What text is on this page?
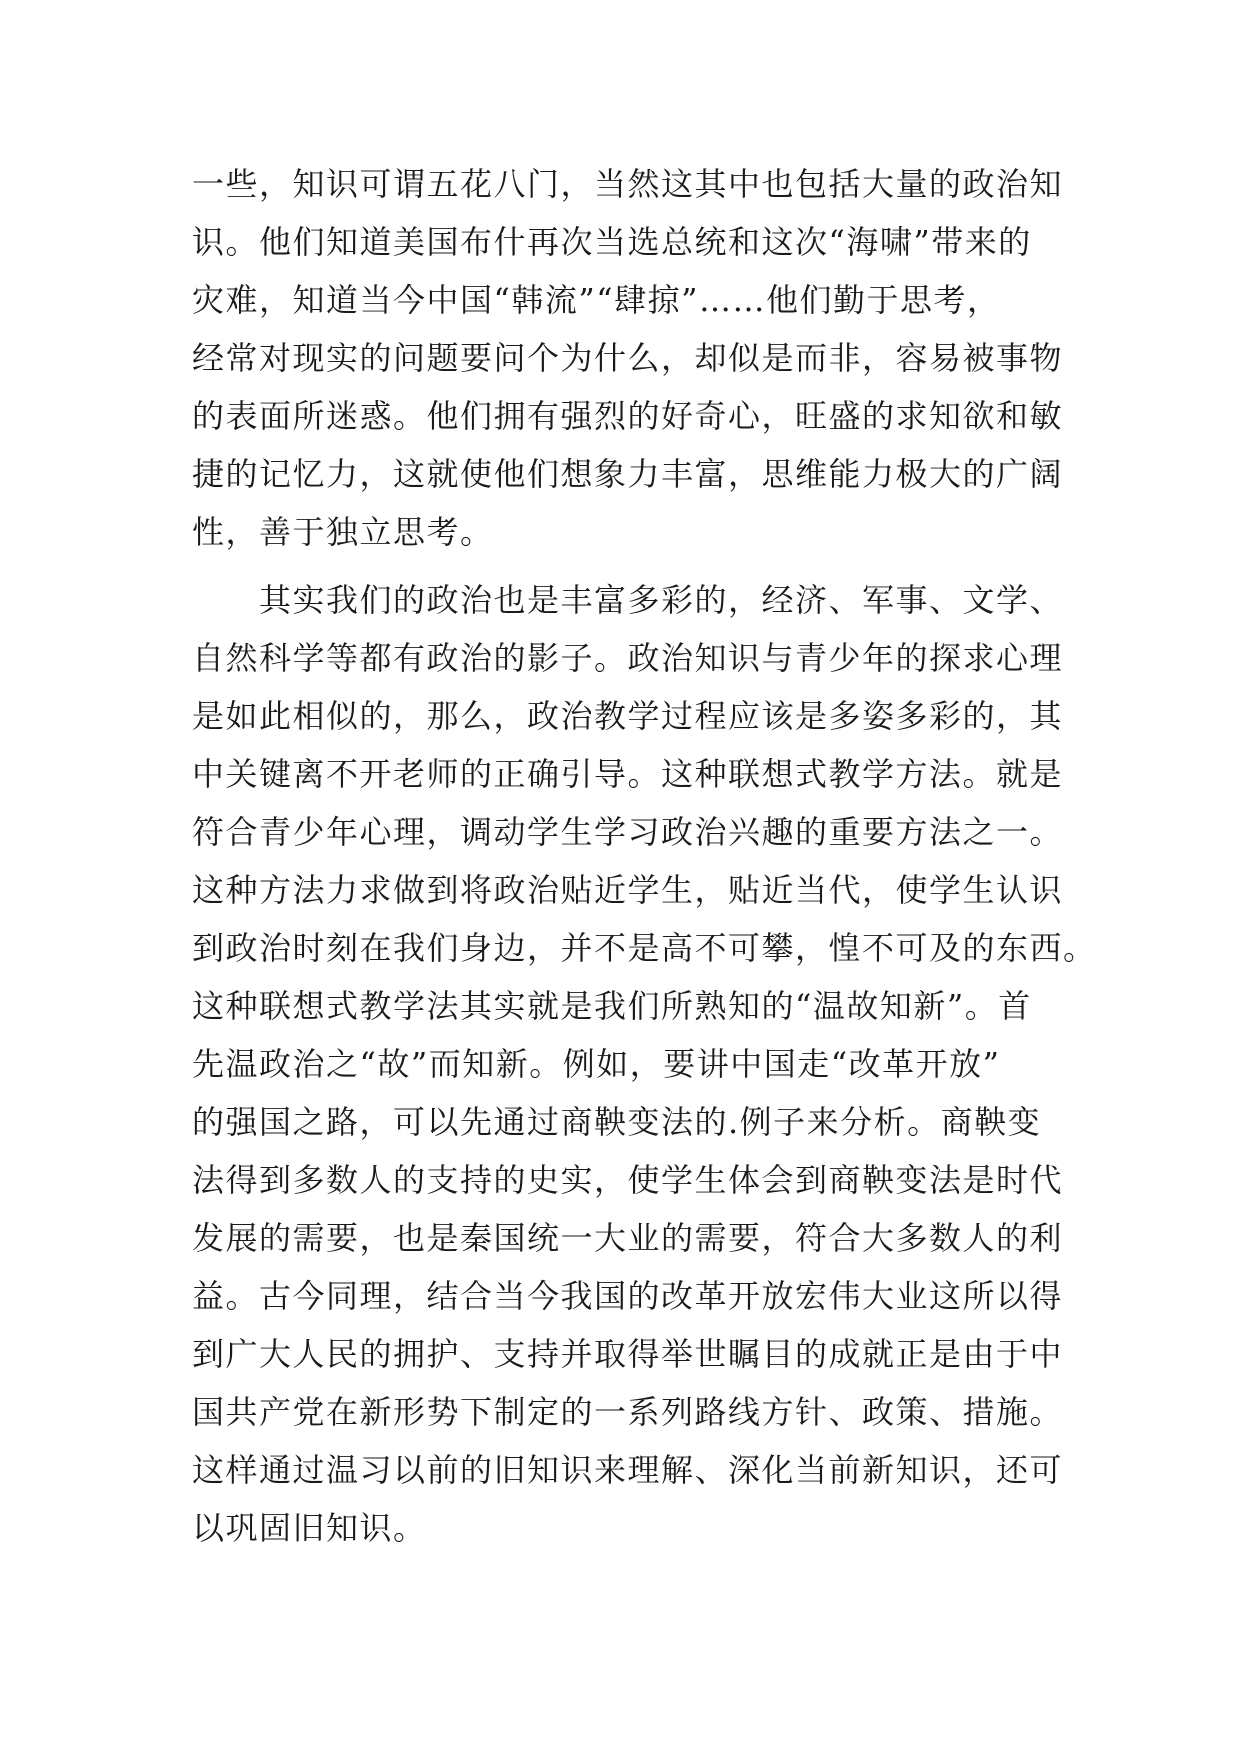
一些，知识可谓五花八门，当然这其中也包括大量的政治知
识。他们知道美国布什再次当选总统和这次“海啸”带来的
灾难，知道当今中国“韩流”“肆掠”……他们勤于思考，
经常对现实的问题要问个为什么，却似是而非，容易被事物
的表面所迷惑。他们拥有强烈的好奇心，旺盛的求知欲和敏
捷的记忆力，这就使他们想象力丰富，思维能力极大的广阔
性，善于独立思考。
　　其实我们的政治也是丰富多彩的，经济、军事、文学、
自然科学等都有政治的影子。政治知识与青少年的探求心理
是如此相似的，那么，政治教学过程应该是多姿多彩的，其
中关键离不开老师的正确引导。这种联想式教学方法。就是
符合青少年心理，调动学生学习政治兴趣的重要方法之一。
这种方法力求做到将政治贴近学生，贴近当代，使学生认识
到政治时刻在我们身边，并不是高不可攀，惶不可及的东西。
这种联想式教学法其实就是我们所熟知的“温故知新”。首
先温政治之“故”而知新。例如，要讲中国走“改革开放”
的强国之路，可以先通过商鞅变法的.例子来分析。商鞅变
法得到多数人的支持的史实，使学生体会到商鞅变法是时代
发展的需要，也是秦国统一大业的需要，符合大多数人的利
益。古今同理，结合当今我国的改革开放宏伟大业这所以得
到广大人民的拥护、支持并取得举世瞩目的成就正是由于中
国共产党在新形势下制定的一系列路线方针、政策、措施。
这样通过温习以前的旧知识来理解、深化当前新知识，还可
以巩固旧知识。
